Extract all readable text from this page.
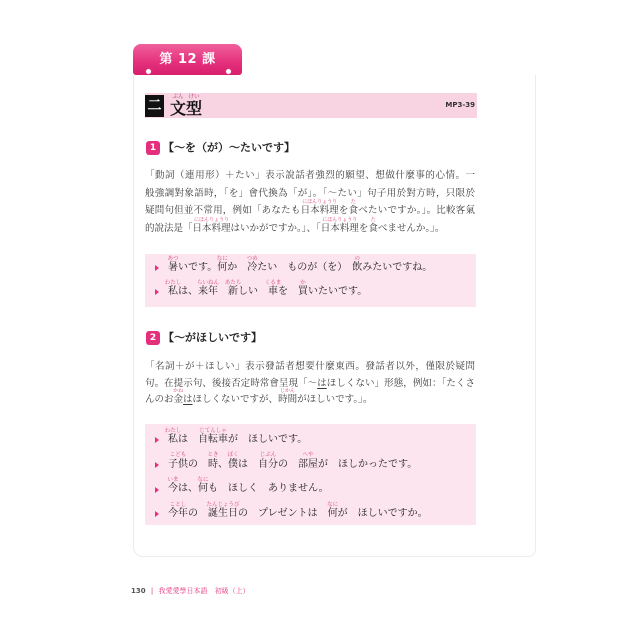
第 12 課
二 文
ぶん
型
けい
MP3-39
1 【～を（が）～たいです】
「動詞（連用形）＋たい」表示說話者強烈的願望、想做什麼事的心情。一
般強調對象語時，「を」會代換為「が」。「～たい」句子用於對方時，只限於
疑問句但並不常用，例如「あなたも日本料理
にほんりょうり
を食
た
べたいですか。」。比較客氣
的說法是「日本料理
にほんりょうり
はいかがですか。」、「日本料理
にほんりょうり
を食
た
べませんか。」。
暑
あつ
いです。何
なに
か　冷
つめ
たい　ものが（を）　飲
の
みたいですね。
私
わたし
は、来年
らいねん
　新
あたら
しい　車
くるま
を　買
か
いたいです。
2 【～がほしいです】
「名詞＋が＋ほしい」表示發話者想要什麼東西。發話者以外，僅限於疑問
句。在提示句、後接否定時常會呈現「～はほしくない」形態，例如：「たくさ
んのお金
かね
はほしくないですが、時間
じかん
がほしいです。」。
私
わたし
は　自転車
じてんしゃ
が　ほしいです。
子供
こども
の　時
とき
、僕
ぼく
は　自分
じぶん
の　部屋
へや
が　ほしかったです。
今
いま
は、何
なに
も　ほしく　ありません。
今年
ことし
の　誕生日
たんじょうび
の　プレゼントは　何
なに
が　ほしいですか。
130 | 我愛愛學日本語 初級（上）
